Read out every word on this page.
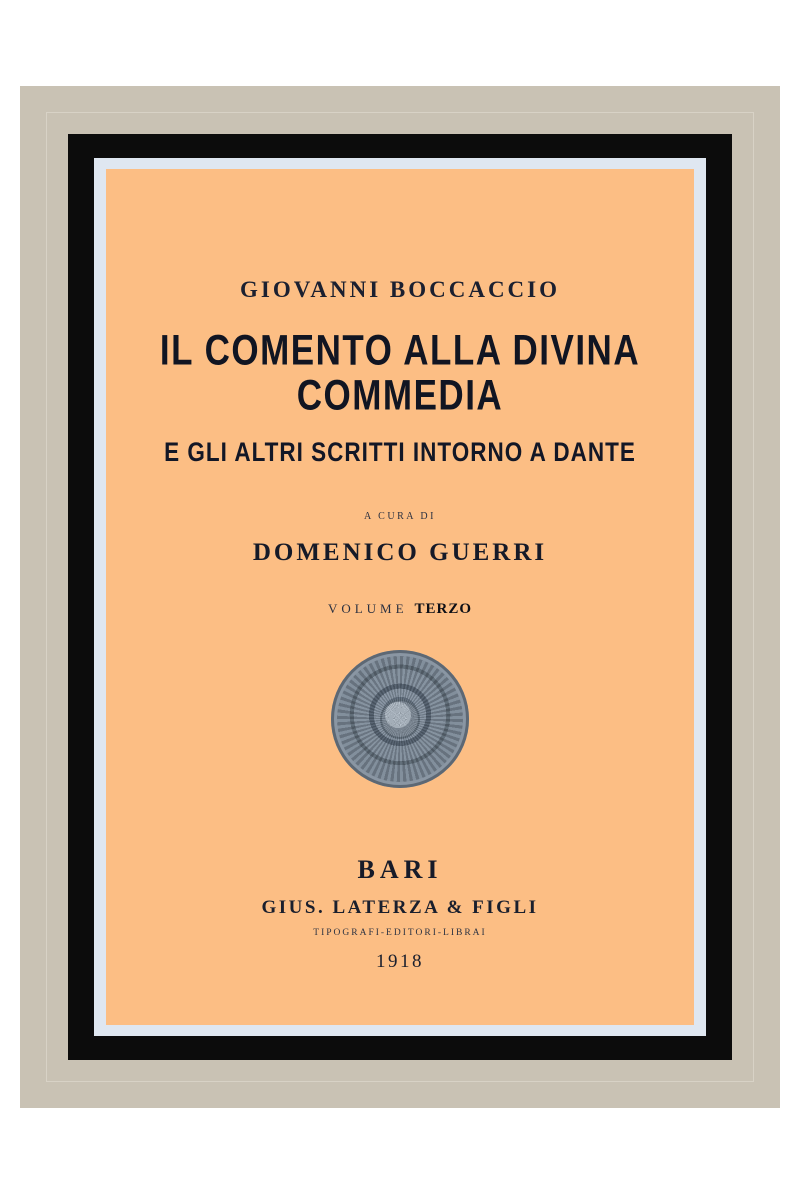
GIOVANNI BOCCACCIO
IL COMENTO ALLA DIVINA COMMEDIA
E GLI ALTRI SCRITTI INTORNO A DANTE
A CURA DI
DOMENICO GUERRI
VOLUME TERZO
BARI
GIUS. LATERZA & FIGLI
TIPOGRAFI-EDITORI-LIBRAI
1918
